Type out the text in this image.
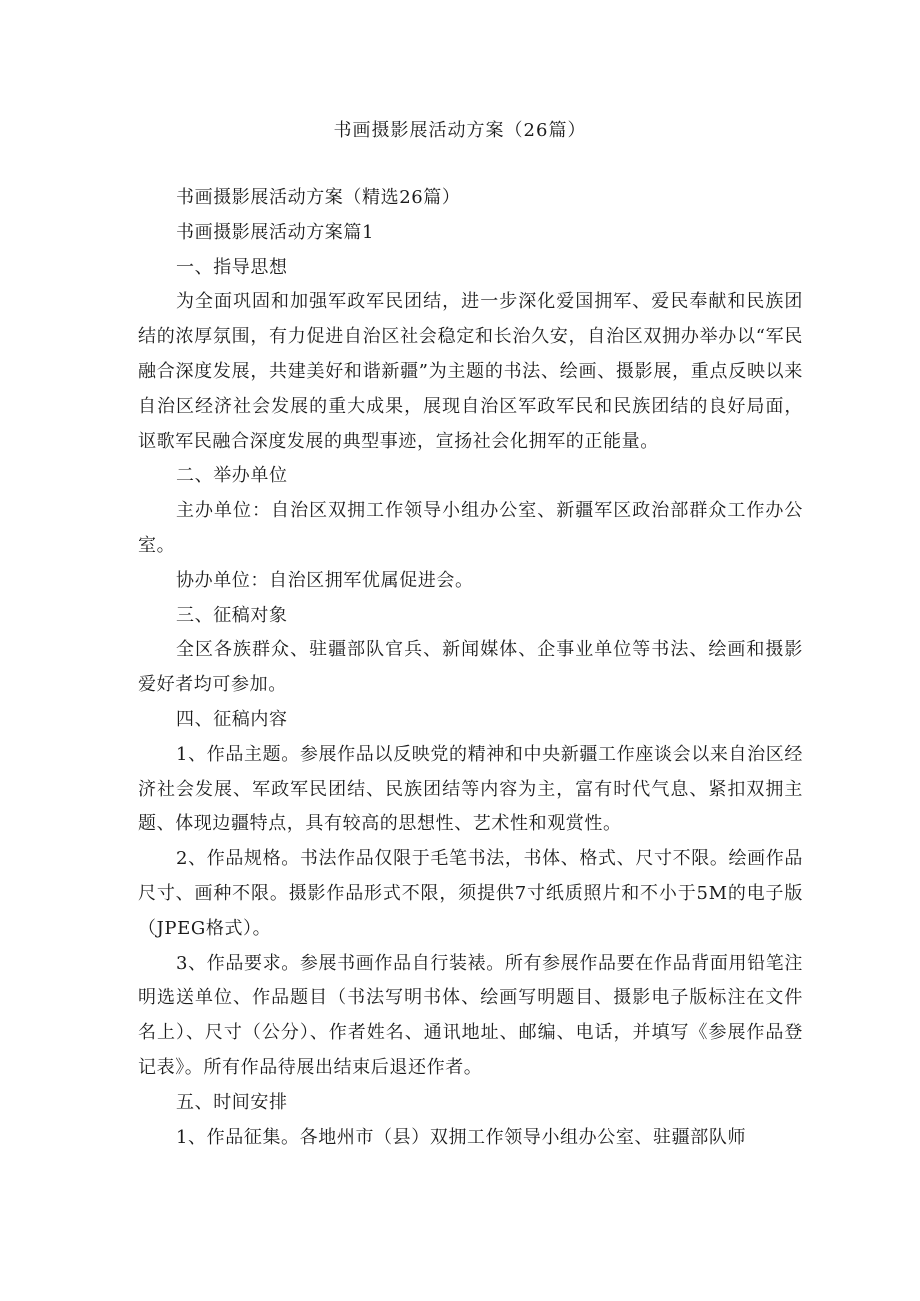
书画摄影展活动方案（26篇）

书画摄影展活动方案（精选26篇）

书画摄影展活动方案篇1

一、指导思想

为全面巩固和加强军政军民团结，进一步深化爱国拥军、爱民奉献和民族团结的浓厚氛围，有力促进自治区社会稳定和长治久安，自治区双拥办举办以“军民融合深度发展，共建美好和谐新疆”为主题的书法、绘画、摄影展，重点反映以来自治区经济社会发展的重大成果，展现自治区军政军民和民族团结的良好局面，讴歌军民融合深度发展的典型事迹，宣扬社会化拥军的正能量。

二、举办单位

主办单位：自治区双拥工作领导小组办公室、新疆军区政治部群众工作办公室。

协办单位：自治区拥军优属促进会。

三、征稿对象

全区各族群众、驻疆部队官兵、新闻媒体、企事业单位等书法、绘画和摄影爱好者均可参加。

四、征稿内容

1、作品主题。参展作品以反映党的精神和中央新疆工作座谈会以来自治区经济社会发展、军政军民团结、民族团结等内容为主，富有时代气息、紧扣双拥主题、体现边疆特点，具有较高的思想性、艺术性和观赏性。

2、作品规格。书法作品仅限于毛笔书法，书体、格式、尺寸不限。绘画作品尺寸、画种不限。摄影作品形式不限，须提供7寸纸质照片和不小于5M的电子版（JPEG格式）。

3、作品要求。参展书画作品自行装裱。所有参展作品要在作品背面用铅笔注明选送单位、作品题目（书法写明书体、绘画写明题目、摄影电子版标注在文件名上）、尺寸（公分）、作者姓名、通讯地址、邮编、电话，并填写《参展作品登记表》。所有作品待展出结束后退还作者。

五、时间安排

1、作品征集。各地州市（县）双拥工作领导小组办公室、驻疆部队师
